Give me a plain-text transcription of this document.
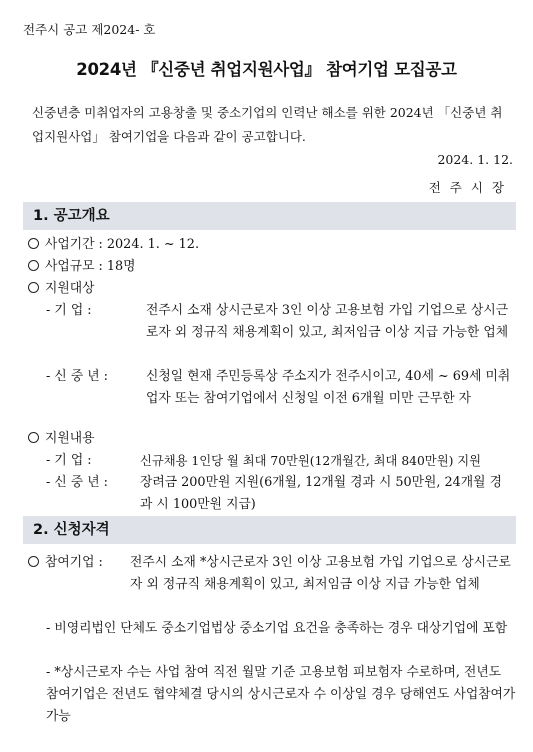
전주시 공고 제2024- 호
2024년 『신중년 취업지원사업』 참여기업 모집공고
신중년층 미취업자의 고용창출 및 중소기업의 인력난 해소를 위한 2024년 「신중년 취업지원사업」 참여기업을 다음과 같이 공고합니다.
2024. 1. 12.
전주시장
1. 공고개요
사업기간 : 2024. 1. ~ 12.
사업규모 : 18명
지원대상
- 기 업 :	전주시 소재 상시근로자 3인 이상 고용보험 가입 기업으로 상시근로자 외 정규직 채용계획이 있고, 최저임금 이상 지급 가능한 업체
- 신 중 년 :	신청일 현재 주민등록상 주소지가 전주시이고, 40세 ~ 69세 미취업자 또는 참여기업에서 신청일 이전 6개월 미만 근무한 자
지원내용
- 기 업 :	신규채용 1인당 월 최대 70만원(12개월간, 최대 840만원) 지원
- 신 중 년 :	장려금 200만원 지원(6개월, 12개월 경과 시 50만원, 24개월 경과 시 100만원 지급)
2. 신청자격
참여기업 : 전주시 소재 *상시근로자 3인 이상 고용보험 가입 기업으로 상시근로자 외 정규직 채용계획이 있고, 최저임금 이상 지급 가능한 업체
- 비영리법인 단체도 중소기업법상 중소기업 요건을 충족하는 경우 대상기업에 포함
- *상시근로자 수는 사업 참여 직전 월말 기준 고용보험 피보험자 수로하며, 전년도 참여기업은 전년도 협약체결 당시의 상시근로자 수 이상일 경우 당해연도 사업참여가 가능
